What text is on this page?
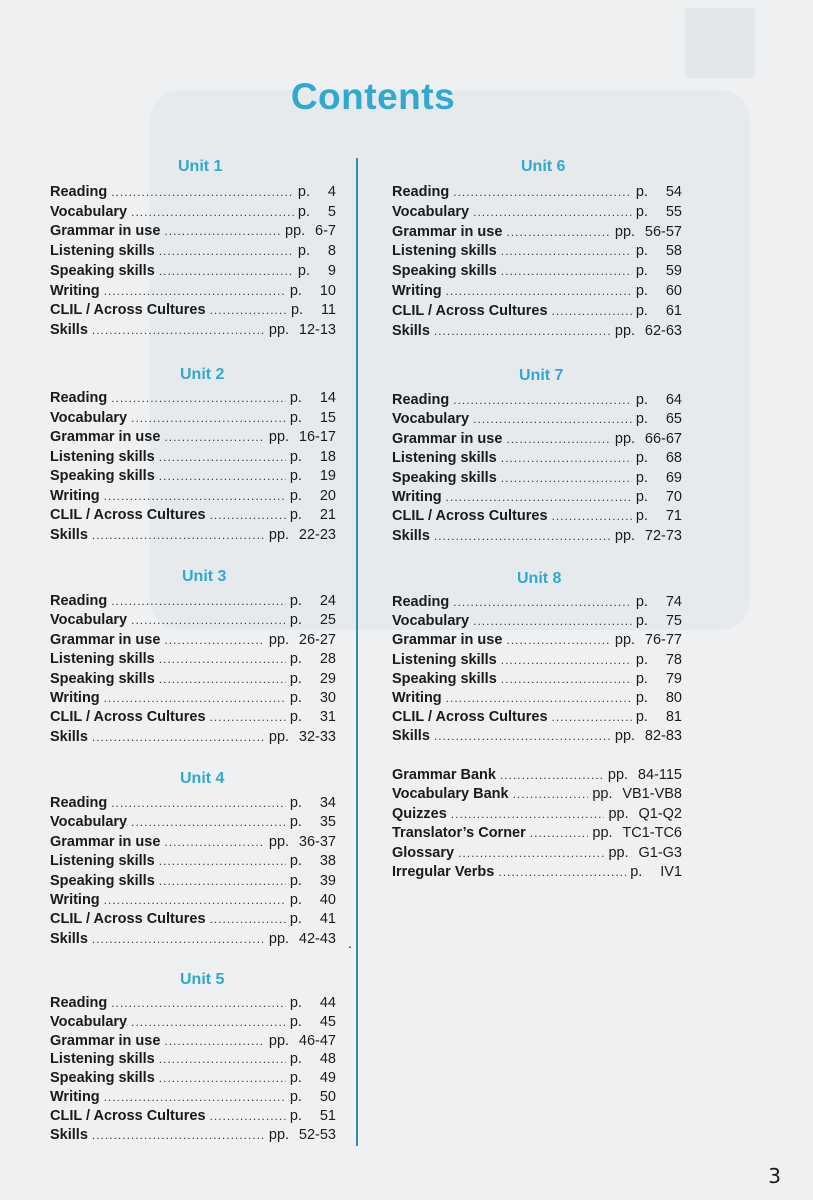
Contents
.
Unit 1
Reading .....	p.	4
Vocabulary .....	p.	5
Grammar in use .....	pp. 6-7
Listening skills .....	p.	8
Speaking skills .....	p.	9
Writing .....	p.	10
CLIL / Across Cultures .....	p.	11
Skills .....	pp. 12-13
Unit 2
Reading .....	p.	14
Vocabulary .....	p.	15
Grammar in use .....	pp. 16-17
Listening skills .....	p.	18
Speaking skills .....	p.	19
Writing .....	p.	20
CLIL / Across Cultures .....	p.	21
Skills .....	pp. 22-23
Unit 3
Reading .....	p.	24
Vocabulary .....	p.	25
Grammar in use .....	pp. 26-27
Listening skills .....	p.	28
Speaking skills .....	p.	29
Writing .....	p.	30
CLIL / Across Cultures .....	p.	31
Skills .....	pp. 32-33
Unit 4
Reading .....	p.	34
Vocabulary .....	p.	35
Grammar in use .....	pp. 36-37
Listening skills .....	p.	38
Speaking skills .....	p.	39
Writing .....	p.	40
CLIL / Across Cultures .....	p.	41
Skills .....	pp. 42-43
Unit 5
Reading .....	p.	44
Vocabulary .....	p.	45
Grammar in use .....	pp. 46-47
Listening skills .....	p.	48
Speaking skills .....	p.	49
Writing .....	p.	50
CLIL / Across Cultures .....	p.	51
Skills .....	pp. 52-53
Unit 6
Reading .....	p.	54
Vocabulary .....	p.	55
Grammar in use .....	pp. 56-57
Listening skills .....	p.	58
Speaking skills .....	p.	59
Writing .....	p.	60
CLIL / Across Cultures .....	p.	61
Skills .....	pp. 62-63
Unit 7
Reading .....	p.	64
Vocabulary .....	p.	65
Grammar in use .....	pp. 66-67
Listening skills .....	p.	68
Speaking skills .....	p.	69
Writing .....	p.	70
CLIL / Across Cultures .....	p.	71
Skills .....	pp. 72-73
Unit 8
Reading .....	p.	74
Vocabulary .....	p.	75
Grammar in use .....	pp. 76-77
Listening skills .....	p.	78
Speaking skills .....	p.	79
Writing .....	p.	80
CLIL / Across Cultures .....	p.	81
Skills .....	pp. 82-83
Grammar Bank .....	pp. 84-115
Vocabulary Bank .....	pp. VB1-VB8
Quizzes .....	pp. Q1-Q2
Translator’s Corner .....	pp. TC1-TC6
Glossary .....	pp. G1-G3
Irregular Verbs .....	p.	IV1
3
